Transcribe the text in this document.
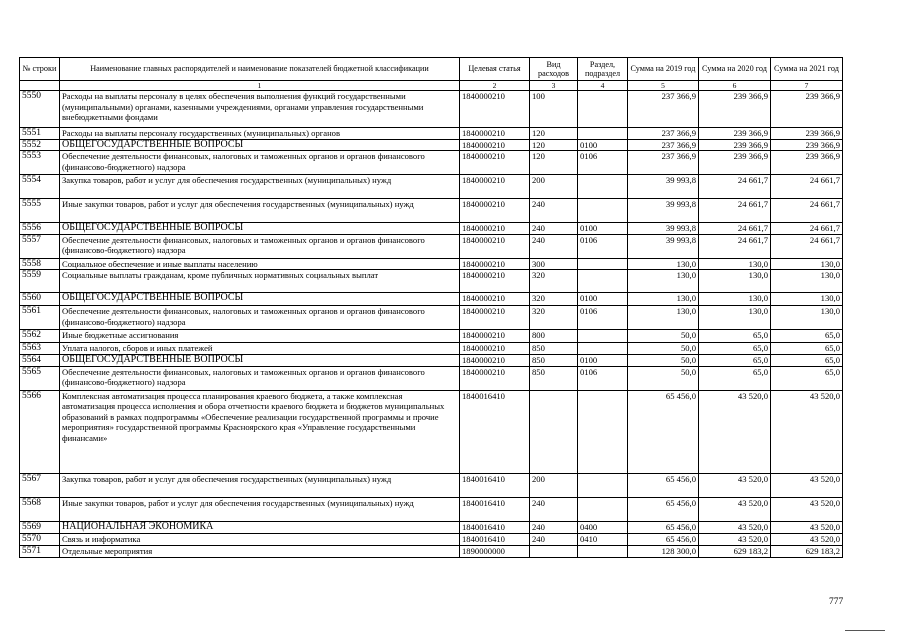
№ строки	Наименование главных распорядителей и наименование показателей бюджетной классификации	Целевая статья	Вид расходов	Раздел, подраздел	Сумма на 2019 год	Сумма на 2020 год	Сумма на 2021 год
	1	2	3	4	5	6	7
5550	Расходы на выплаты персоналу в целях обеспечения выполнения функций государственными (муниципальными) органами, казенными учреждениями, органами управления государственными внебюджетными фондами	1840000210	100		237 366,9	239 366,9	239 366,9
5551	Расходы на выплаты персоналу государственных (муниципальных) органов	1840000210	120		237 366,9	239 366,9	239 366,9
5552	ОБЩЕГОСУДАРСТВЕННЫЕ ВОПРОСЫ	1840000210	120	0100	237 366,9	239 366,9	239 366,9
5553	Обеспечение деятельности финансовых, налоговых и таможенных органов и органов финансового (финансово-бюджетного) надзора	1840000210	120	0106	237 366,9	239 366,9	239 366,9
5554	Закупка товаров, работ и услуг для обеспечения государственных (муниципальных) нужд	1840000210	200		39 993,8	24 661,7	24 661,7
5555	Иные закупки товаров, работ и услуг для обеспечения государственных (муниципальных) нужд	1840000210	240		39 993,8	24 661,7	24 661,7
5556	ОБЩЕГОСУДАРСТВЕННЫЕ ВОПРОСЫ	1840000210	240	0100	39 993,8	24 661,7	24 661,7
5557	Обеспечение деятельности финансовых, налоговых и таможенных органов и органов финансового (финансово-бюджетного) надзора	1840000210	240	0106	39 993,8	24 661,7	24 661,7
5558	Социальное обеспечение и иные выплаты населению	1840000210	300		130,0	130,0	130,0
5559	Социальные выплаты гражданам, кроме публичных нормативных социальных выплат	1840000210	320		130,0	130,0	130,0
5560	ОБЩЕГОСУДАРСТВЕННЫЕ ВОПРОСЫ	1840000210	320	0100	130,0	130,0	130,0
5561	Обеспечение деятельности финансовых, налоговых и таможенных органов и органов финансового (финансово-бюджетного) надзора	1840000210	320	0106	130,0	130,0	130,0
5562	Иные бюджетные ассигнования	1840000210	800		50,0	65,0	65,0
5563	Уплата налогов, сборов и иных платежей	1840000210	850		50,0	65,0	65,0
5564	ОБЩЕГОСУДАРСТВЕННЫЕ ВОПРОСЫ	1840000210	850	0100	50,0	65,0	65,0
5565	Обеспечение деятельности финансовых, налоговых и таможенных органов и органов финансового (финансово-бюджетного) надзора	1840000210	850	0106	50,0	65,0	65,0
5566	Комплексная автоматизация процесса планирования краевого бюджета, а также комплексная автоматизация процесса исполнения и обора отчетности краевого бюджета и бюджетов муниципальных образований в рамках подпрограммы «Обеспечение реализации государственной программы и прочие мероприятия» государственной программы Красноярского края «Управление государственными финансами»	1840016410			65 456,0	43 520,0	43 520,0
5567	Закупка товаров, работ и услуг для обеспечения государственных (муниципальных) нужд	1840016410	200		65 456,0	43 520,0	43 520,0
5568	Иные закупки товаров, работ и услуг для обеспечения государственных (муниципальных) нужд	1840016410	240		65 456,0	43 520,0	43 520,0
5569	НАЦИОНАЛЬНАЯ ЭКОНОМИКА	1840016410	240	0400	65 456,0	43 520,0	43 520,0
5570	Связь и информатика	1840016410	240	0410	65 456,0	43 520,0	43 520,0
5571	Отдельные мероприятия	1890000000			128 300,0	629 183,2	629 183,2
777
